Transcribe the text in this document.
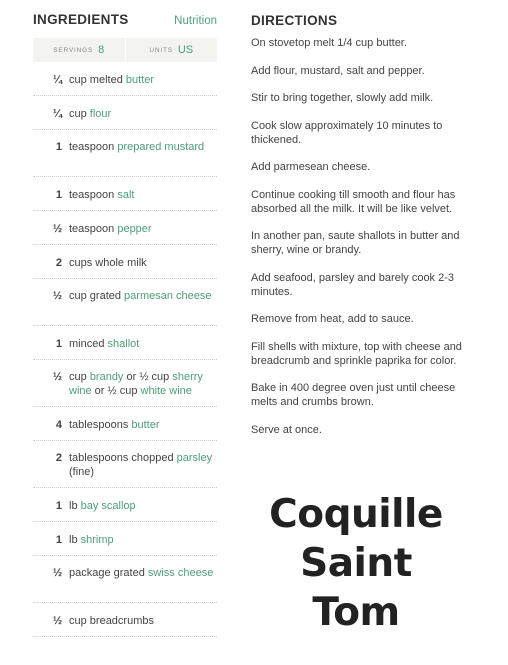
INGREDIENTS	Nutrition
SERVINGS 8	UNITS US
¼ cup melted butter
¼ cup flour
1 teaspoon prepared mustard
1 teaspoon salt
½ teaspoon pepper
2 cups whole milk
½ cup grated parmesan cheese
1 minced shallot
½ cup brandy or ½ cup sherry wine or ½ cup white wine
4 tablespoons butter
2 tablespoons chopped parsley (fine)
1 lb bay scallop
1 lb shrimp
½ package grated swiss cheese
½ cup breadcrumbs
DIRECTIONS
On stovetop melt 1/4 cup butter.
Add flour, mustard, salt and pepper.
Stir to bring together, slowly add milk.
Cook slow approximately 10 minutes to thickened.
Add parmesean cheese.
Continue cooking till smooth and flour has absorbed all the milk. It will be like velvet.
In another pan, saute shallots in butter and sherry, wine or brandy.
Add seafood, parsley and barely cook 2-3 minutes.
Remove from heat, add to sauce.
Fill shells with mixture, top with cheese and breadcrumb and sprinkle paprika for color.
Bake in 400 degree oven just until cheese melts and crumbs brown.
Serve at once.
Coquille
Saint Tom
